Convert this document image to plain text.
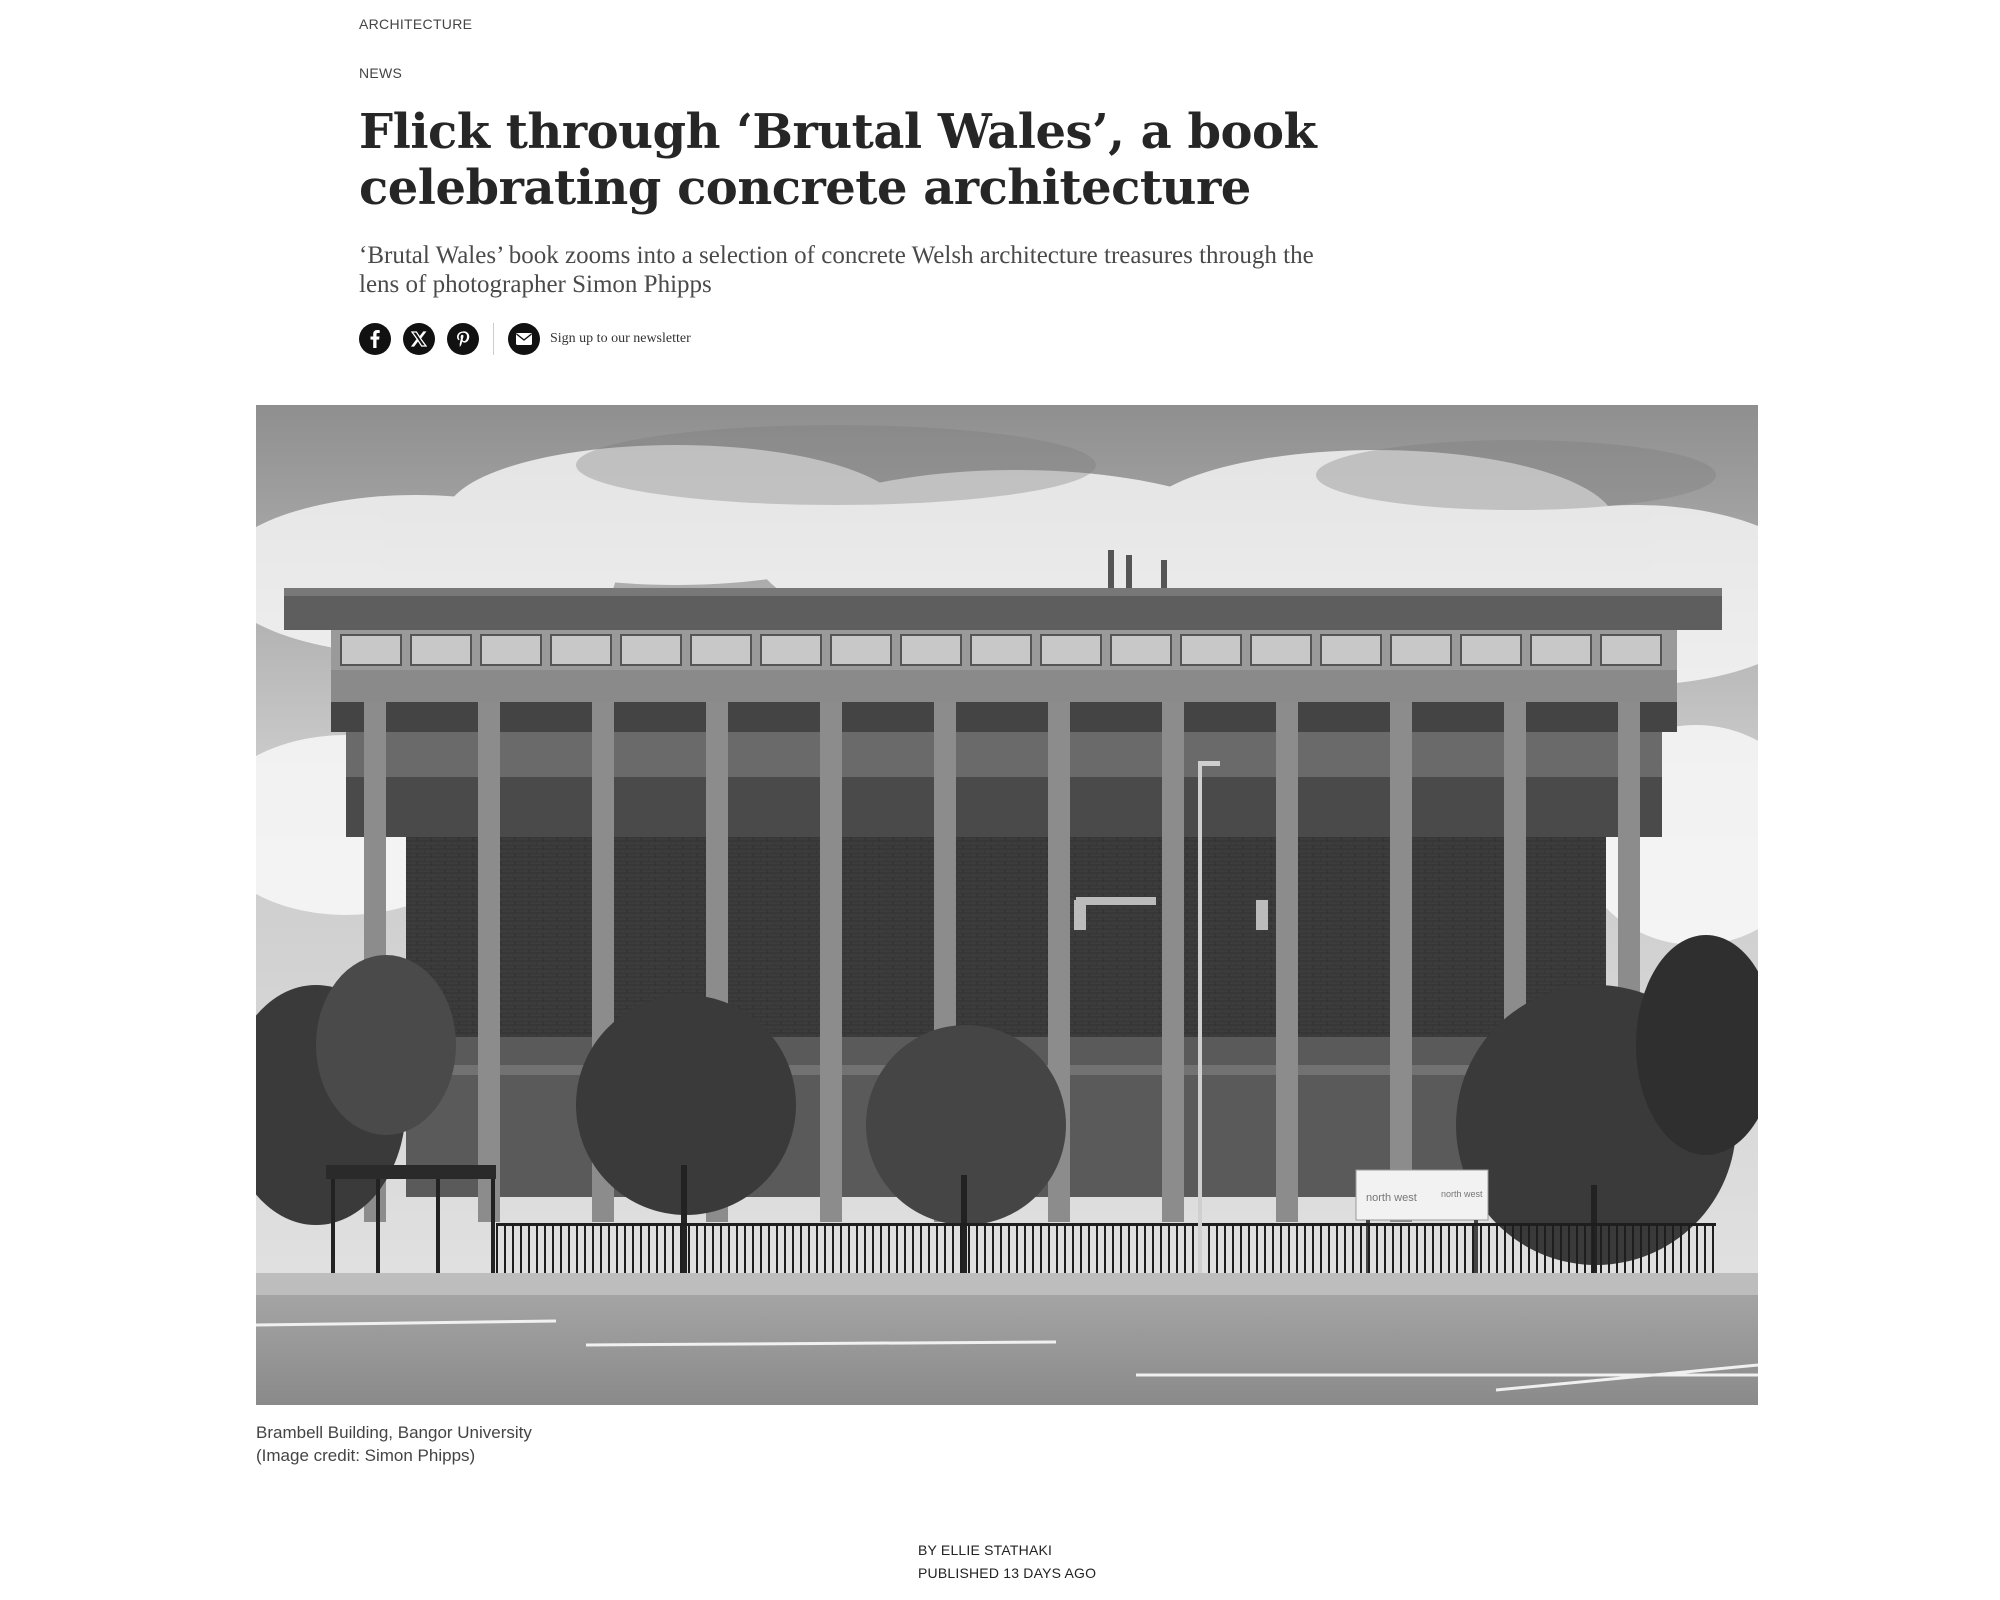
ARCHITECTURE
NEWS
Flick through ‘Brutal Wales’, a book celebrating concrete architecture

‘Brutal Wales’ book zooms into a selection of concrete Welsh architecture treasures through the lens of photographer Simon Phipps

Sign up to our newsletter
north west	north west
Brambell Building, Bangor University
(Image credit: Simon Phipps)
BY ELLIE STATHAKI
PUBLISHED 13 DAYS AGO
